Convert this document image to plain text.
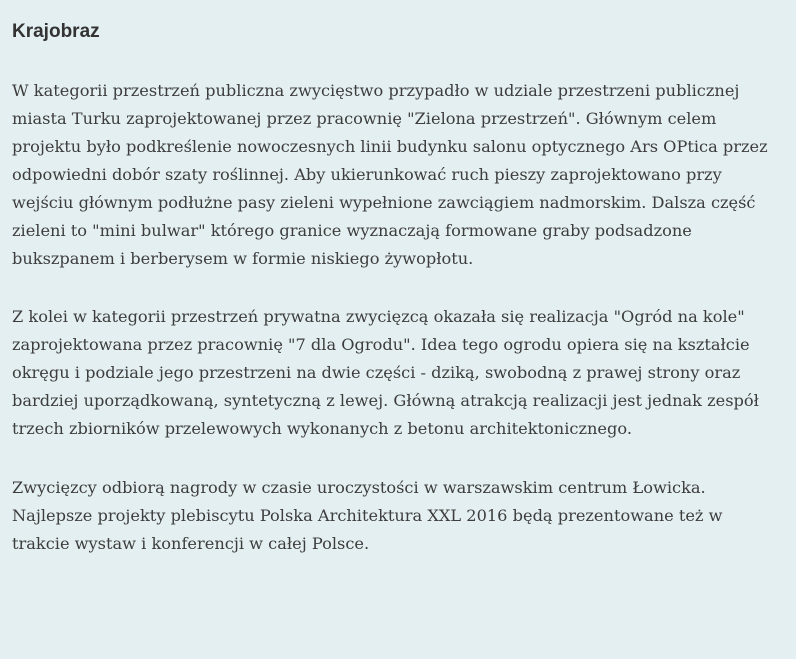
Krajobraz

W kategorii przestrzeń publiczna zwycięstwo przypadło w udziale przestrzeni publicznej miasta Turku zaprojektowanej przez pracownię "Zielona przestrzeń". Głównym celem projektu było podkreślenie nowoczesnych linii budynku salonu optycznego Ars OPtica przez odpowiedni dobór szaty roślinnej. Aby ukierunkować ruch pieszy zaprojektowano przy wejściu głównym podłużne pasy zieleni wypełnione zawciągiem nadmorskim. Dalsza część zieleni to "mini bulwar" którego granice wyznaczają formowane graby podsadzone bukszpanem i berberysem w formie niskiego żywopłotu.

Z kolei w kategorii przestrzeń prywatna zwycięzcą okazała się realizacja "Ogród na kole" zaprojektowana przez pracownię "7 dla Ogrodu". Idea tego ogrodu opiera się na kształcie okręgu i podziale jego przestrzeni na dwie części - dziką, swobodną z prawej strony oraz bardziej uporządkowaną, syntetyczną z lewej. Główną atrakcją realizacji jest jednak zespół trzech zbiorników przelewowych wykonanych z betonu architektonicznego.

Zwycięzcy odbiorą nagrody w czasie uroczystości w warszawskim centrum Łowicka. Najlepsze projekty plebiscytu Polska Architektura XXL 2016 będą prezentowane też w trakcie wystaw i konferencji w całej Polsce.
